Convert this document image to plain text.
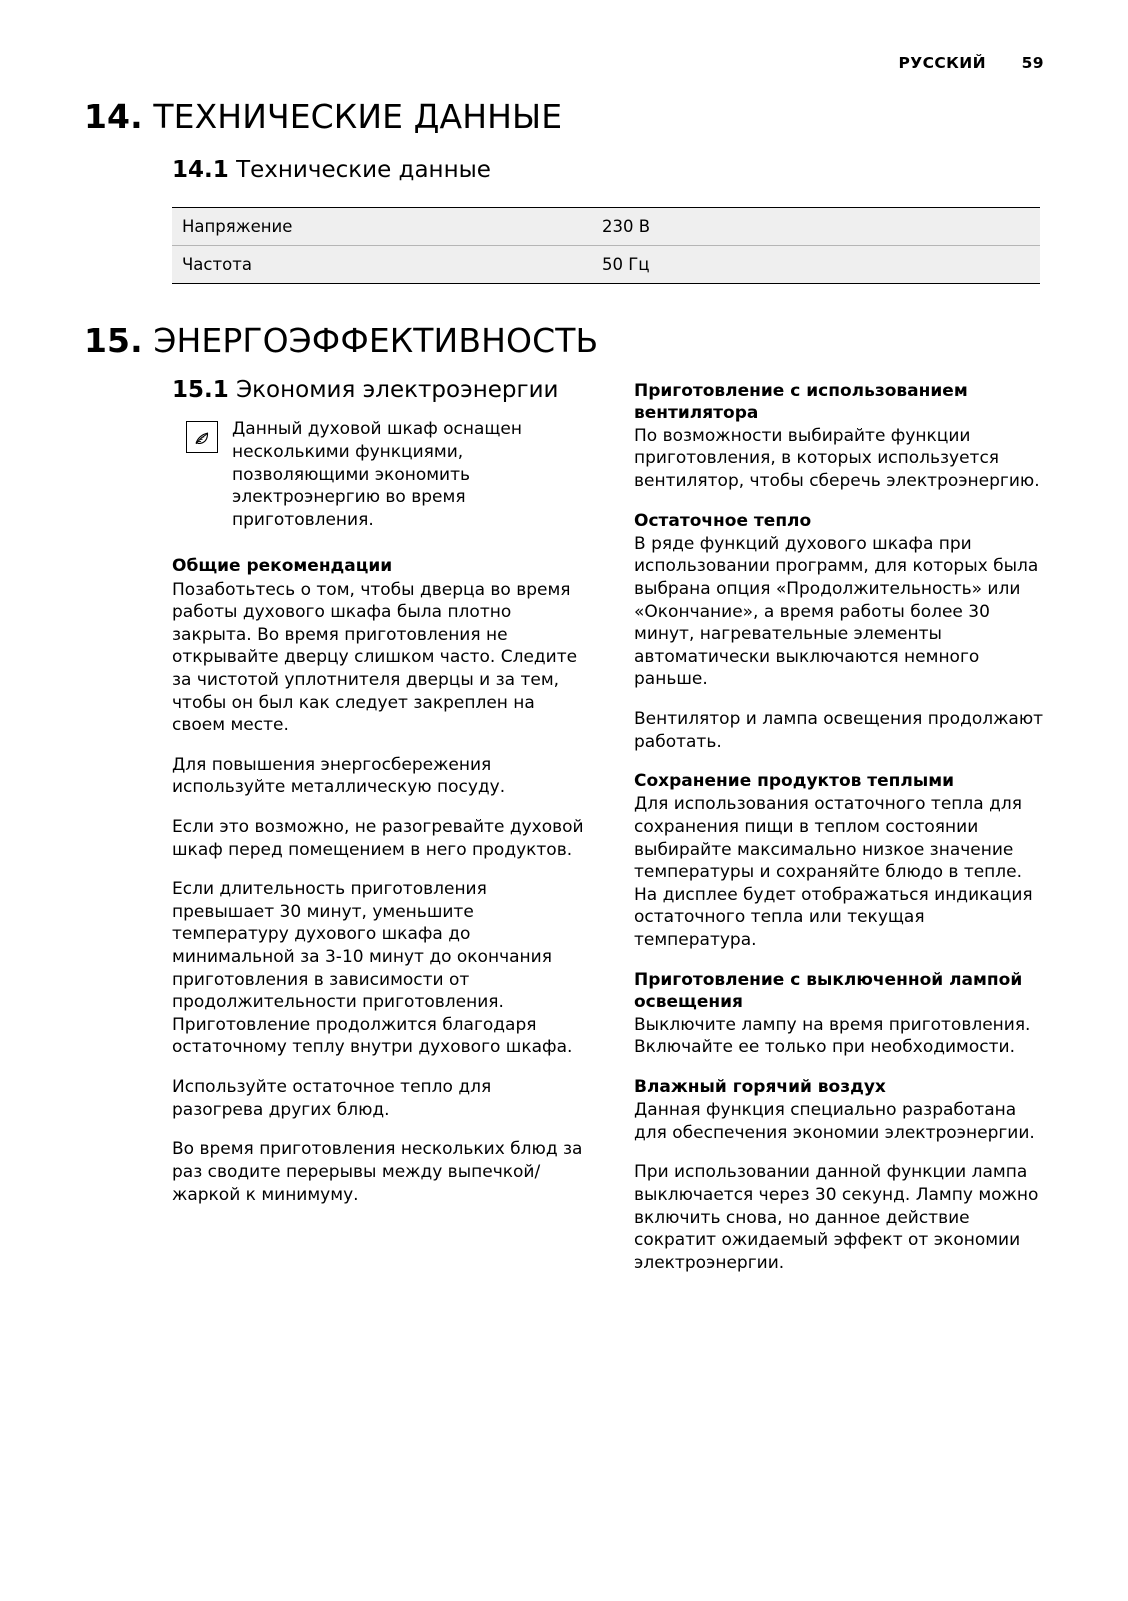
РУССКИЙ 59
14. ТЕХНИЧЕСКИЕ ДАННЫЕ
14.1 Технические данные
Напряжение	230 В
Частота	50 Гц
15. ЭНЕРГОЭФФЕКТИВНОСТЬ
15.1 Экономия электроэнергии
Данный духовой шкаф оснащен несколькими функциями, позволяющими экономить электроэнергию во время приготовления.
Общие рекомендации

Позаботьтесь о том, чтобы дверца во время работы духового шкафа была плотно закрыта. Во время приготовления не открывайте дверцу слишком часто. Следите за чистотой уплотнителя дверцы и за тем, чтобы он был как следует закреплен на своем месте.

Для повышения энергосбережения используйте металлическую посуду.

Если это возможно, не разогревайте духовой шкаф перед помещением в него продуктов.

Если длительность приготовления превышает 30 минут, уменьшите температуру духового шкафа до минимальной за 3-10 минут до окончания приготовления в зависимости от продолжительности приготовления. Приготовление продолжится благодаря остаточному теплу внутри духового шкафа.

Используйте остаточное тепло для разогрева других блюд.

Во время приготовления нескольких блюд за раз сводите перерывы между выпечкой/жаркой к минимуму.

Приготовление с использованием вентилятора

По возможности выбирайте функции приготовления, в которых используется вентилятор, чтобы сберечь электроэнергию.

Остаточное тепло

В ряде функций духового шкафа при использовании программ, для которых была выбрана опция «Продолжительность» или «Окончание», а время работы более 30 минут, нагревательные элементы автоматически выключаются немного раньше.

Вентилятор и лампа освещения продолжают работать.

Сохранение продуктов теплыми

Для использования остаточного тепла для сохранения пищи в теплом состоянии выбирайте максимально низкое значение температуры и сохраняйте блюдо в тепле. На дисплее будет отображаться индикация остаточного тепла или текущая температура.

Приготовление с выключенной лампой освещения

Выключите лампу на время приготовления. Включайте ее только при необходимости.

Влажный горячий воздух

Данная функция специально разработана для обеспечения экономии электроэнергии.

При использовании данной функции лампа выключается через 30 секунд. Лампу можно включить снова, но данное действие сократит ожидаемый эффект от экономии электроэнергии.
